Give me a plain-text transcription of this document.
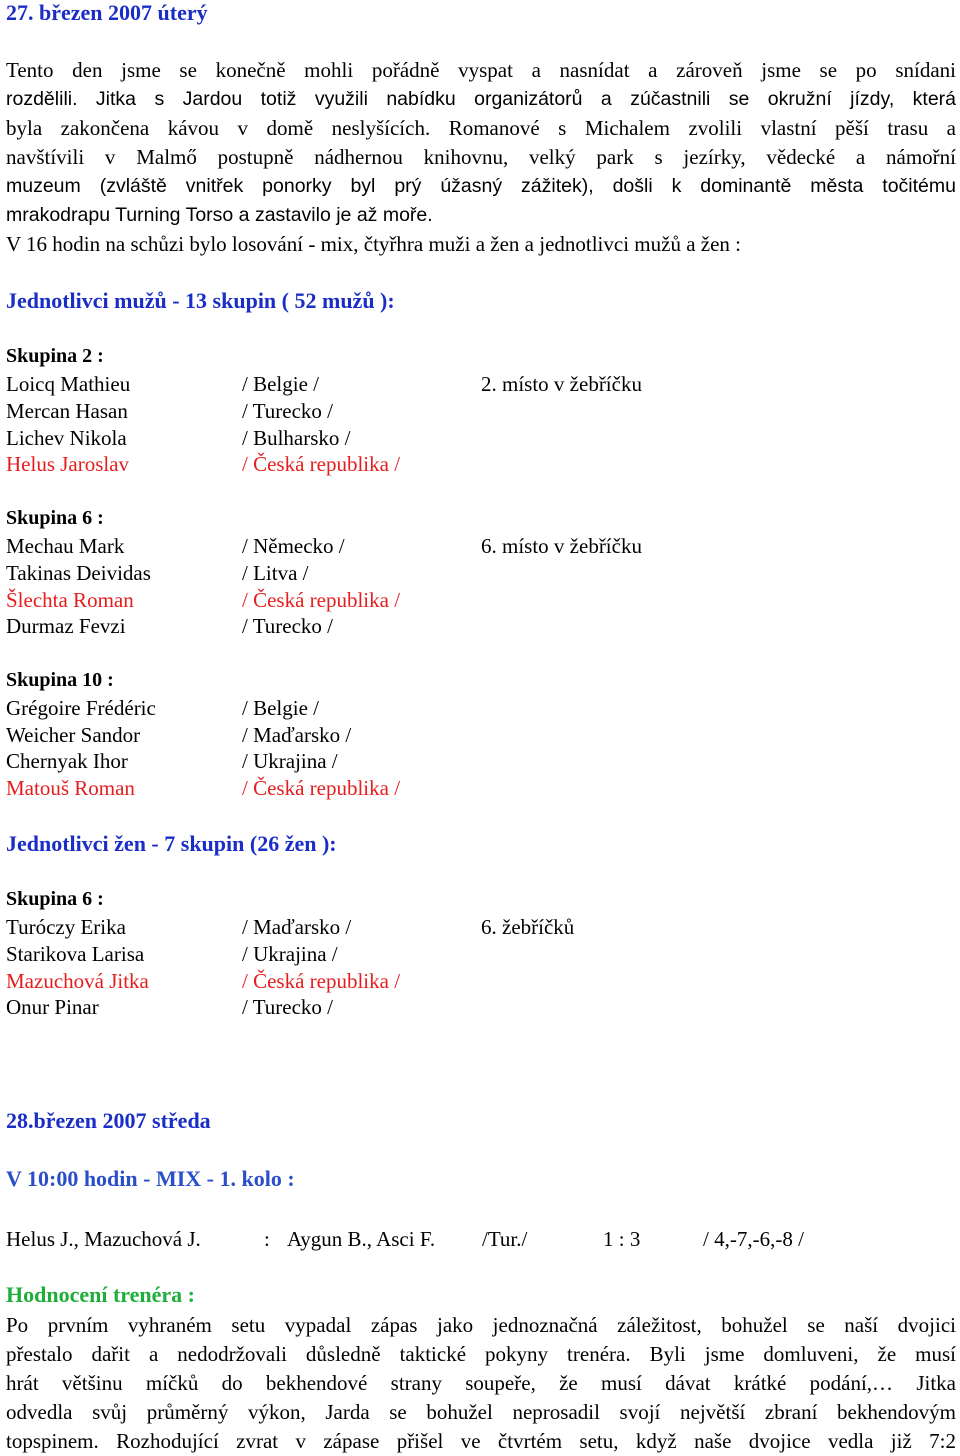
27. březen 2007 úterý
Tento den jsme se konečně mohli pořádně vyspat a nasnídat a zároveň jsme se po snídani
rozdělili. Jitka s Jardou totiž využili nabídku organizátorů a zúčastnili se okružní jízdy, která
byla zakončena kávou v domě neslyšících. Romanové s Michalem zvolili vlastní pěší trasu a
navštívili v Malmő postupně nádhernou knihovnu, velký park s jezírky, vědecké a námořní
muzeum (zvláště vnitřek ponorky byl prý úžasný zážitek), došli k dominantě města točitému
mrakodrapu Turning Torso a zastavilo je až moře.
V 16 hodin na schůzi bylo losování - mix, čtyřhra muži a žen a jednotlivci mužů a žen :
Jednotlivci mužů - 13 skupin ( 52 mužů ):
Skupina 2 :
Loicq Mathieu	/ Belgie /	2. místo v žebříčku
Mercan Hasan	/ Turecko /
Lichev Nikola	/ Bulharsko /
Helus Jaroslav	/ Česká republika /
Skupina 6 :
Mechau Mark	/ Německo /	6. místo v žebříčku
Takinas Deividas	/ Litva /
Šlechta Roman	/ Česká republika /
Durmaz Fevzi	/ Turecko /
Skupina 10 :
Grégoire Frédéric	/ Belgie /
Weicher Sandor	/ Maďarsko /
Chernyak Ihor	/ Ukrajina /
Matouš Roman	/ Česká republika /
Jednotlivci žen - 7 skupin (26 žen ):
Skupina 6 :
Turóczy Erika	/ Maďarsko /	6. žebříčků
Starikova Larisa	/ Ukrajina /
Mazuchová Jitka	/ Česká republika /
Onur Pinar	/ Turecko /
28.březen 2007 středa
V 10:00 hodin - MIX - 1. kolo :
Helus J., Mazuchová J.	: Aygun B., Asci F. /Tur./	1 : 3	/ 4,-7,-6,-8 /
Hodnocení trenéra :
Po prvním vyhraném setu vypadal zápas jako jednoznačná záležitost, bohužel se naší dvojici
přestalo dařit a nedodržovali důsledně taktické pokyny trenéra. Byli jsme domluveni, že musí
hrát většinu míčků do bekhendové strany soupeře, že musí dávat krátké podání,… Jitka
odvedla svůj průměrný výkon, Jarda se bohužel neprosadil svojí největší zbraní bekhendovým
topspinem. Rozhodující zvrat v zápase přišel ve čtvrtém setu, když naše dvojice vedla již 7:2
